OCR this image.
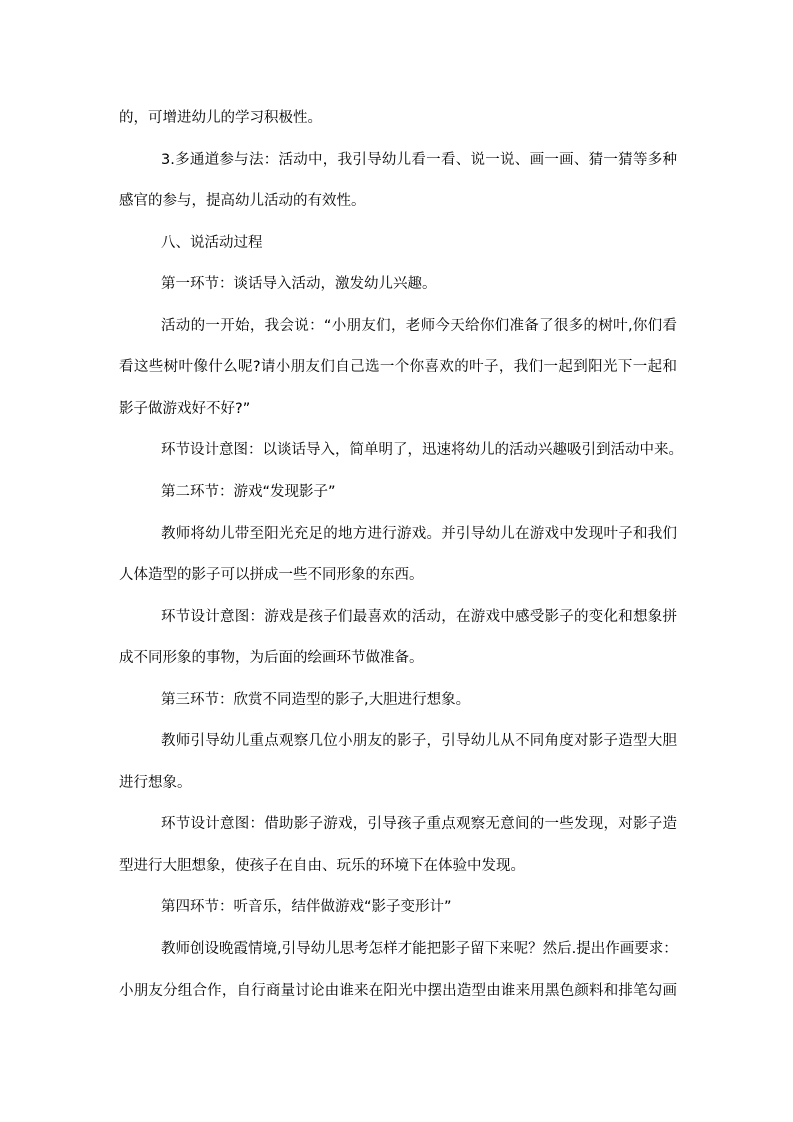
的，可增进幼儿的学习积极性。
3.多通道参与法：活动中，我引导幼儿看一看、说一说、画一画、猜一猜等多种
感官的参与，提高幼儿活动的有效性。
八、说活动过程
第一环节：谈话导入活动，激发幼儿兴趣。
活动的一开始，我会说：“小朋友们，老师今天给你们准备了很多的树叶,你们看
看这些树叶像什么呢?请小朋友们自己选一个你喜欢的叶子，我们一起到阳光下一起和
影子做游戏好不好?”
环节设计意图：以谈话导入，简单明了，迅速将幼儿的活动兴趣吸引到活动中来。
第二环节：游戏“发现影子”
教师将幼儿带至阳光充足的地方进行游戏。并引导幼儿在游戏中发现叶子和我们
人体造型的影子可以拼成一些不同形象的东西。
环节设计意图：游戏是孩子们最喜欢的活动，在游戏中感受影子的变化和想象拼
成不同形象的事物，为后面的绘画环节做准备。
第三环节：欣赏不同造型的影子,大胆进行想象。
教师引导幼儿重点观察几位小朋友的影子，引导幼儿从不同角度对影子造型大胆
进行想象。
环节设计意图：借助影子游戏，引导孩子重点观察无意间的一些发现，对影子造
型进行大胆想象，使孩子在自由、玩乐的环境下在体验中发现。
第四环节：听音乐，结伴做游戏“影子变形计”
教师创设晚霞情境,引导幼儿思考怎样才能把影子留下来呢？然后.提出作画要求：
小朋友分组合作，自行商量讨论由谁来在阳光中摆出造型由谁来用黑色颜料和排笔勾画
